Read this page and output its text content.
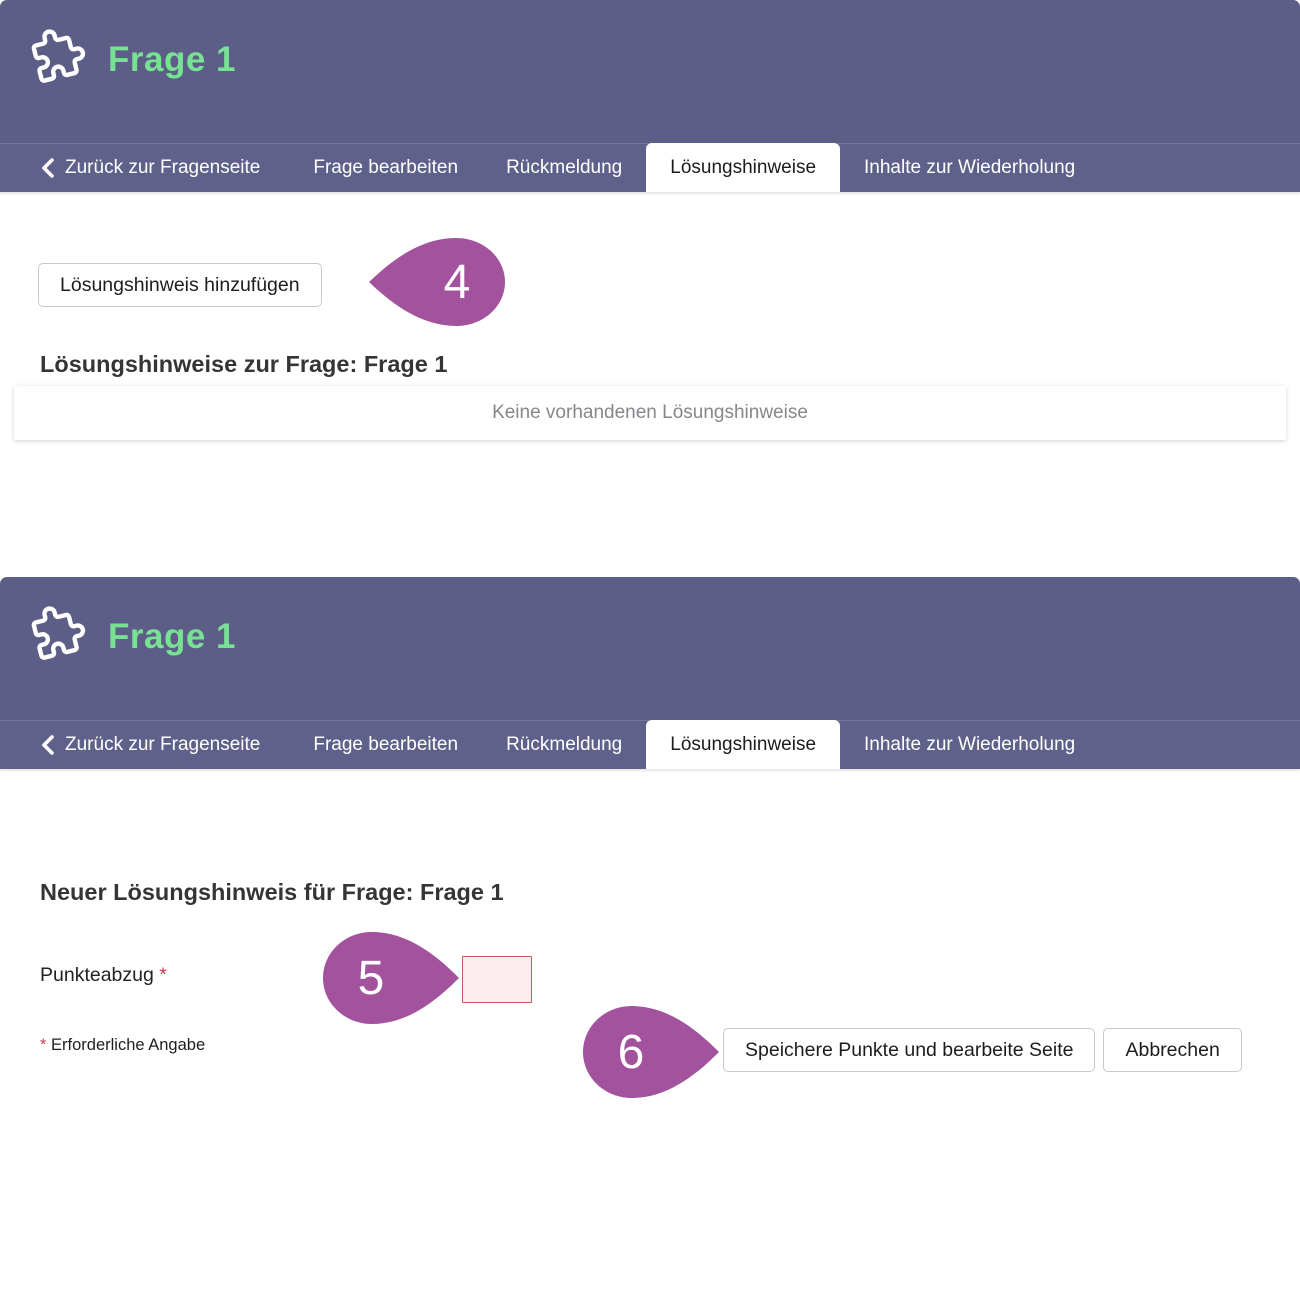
Frage 1
Zurück zur Fragenseite	Frage bearbeiten	Rückmeldung	Lösungshinweise	Inhalte zur Wiederholung
Lösungshinweis hinzufügen	4
Lösungshinweise zur Frage: Frage 1
Keine vorhandenen Lösungshinweise
Frage 1
Zurück zur Fragenseite	Frage bearbeiten	Rückmeldung	Lösungshinweise	Inhalte zur Wiederholung
Neuer Lösungshinweis für Frage: Frage 1
Punkteabzug *	5
* Erforderliche Angabe	6	Speichere Punkte und bearbeite Seite	Abbrechen
